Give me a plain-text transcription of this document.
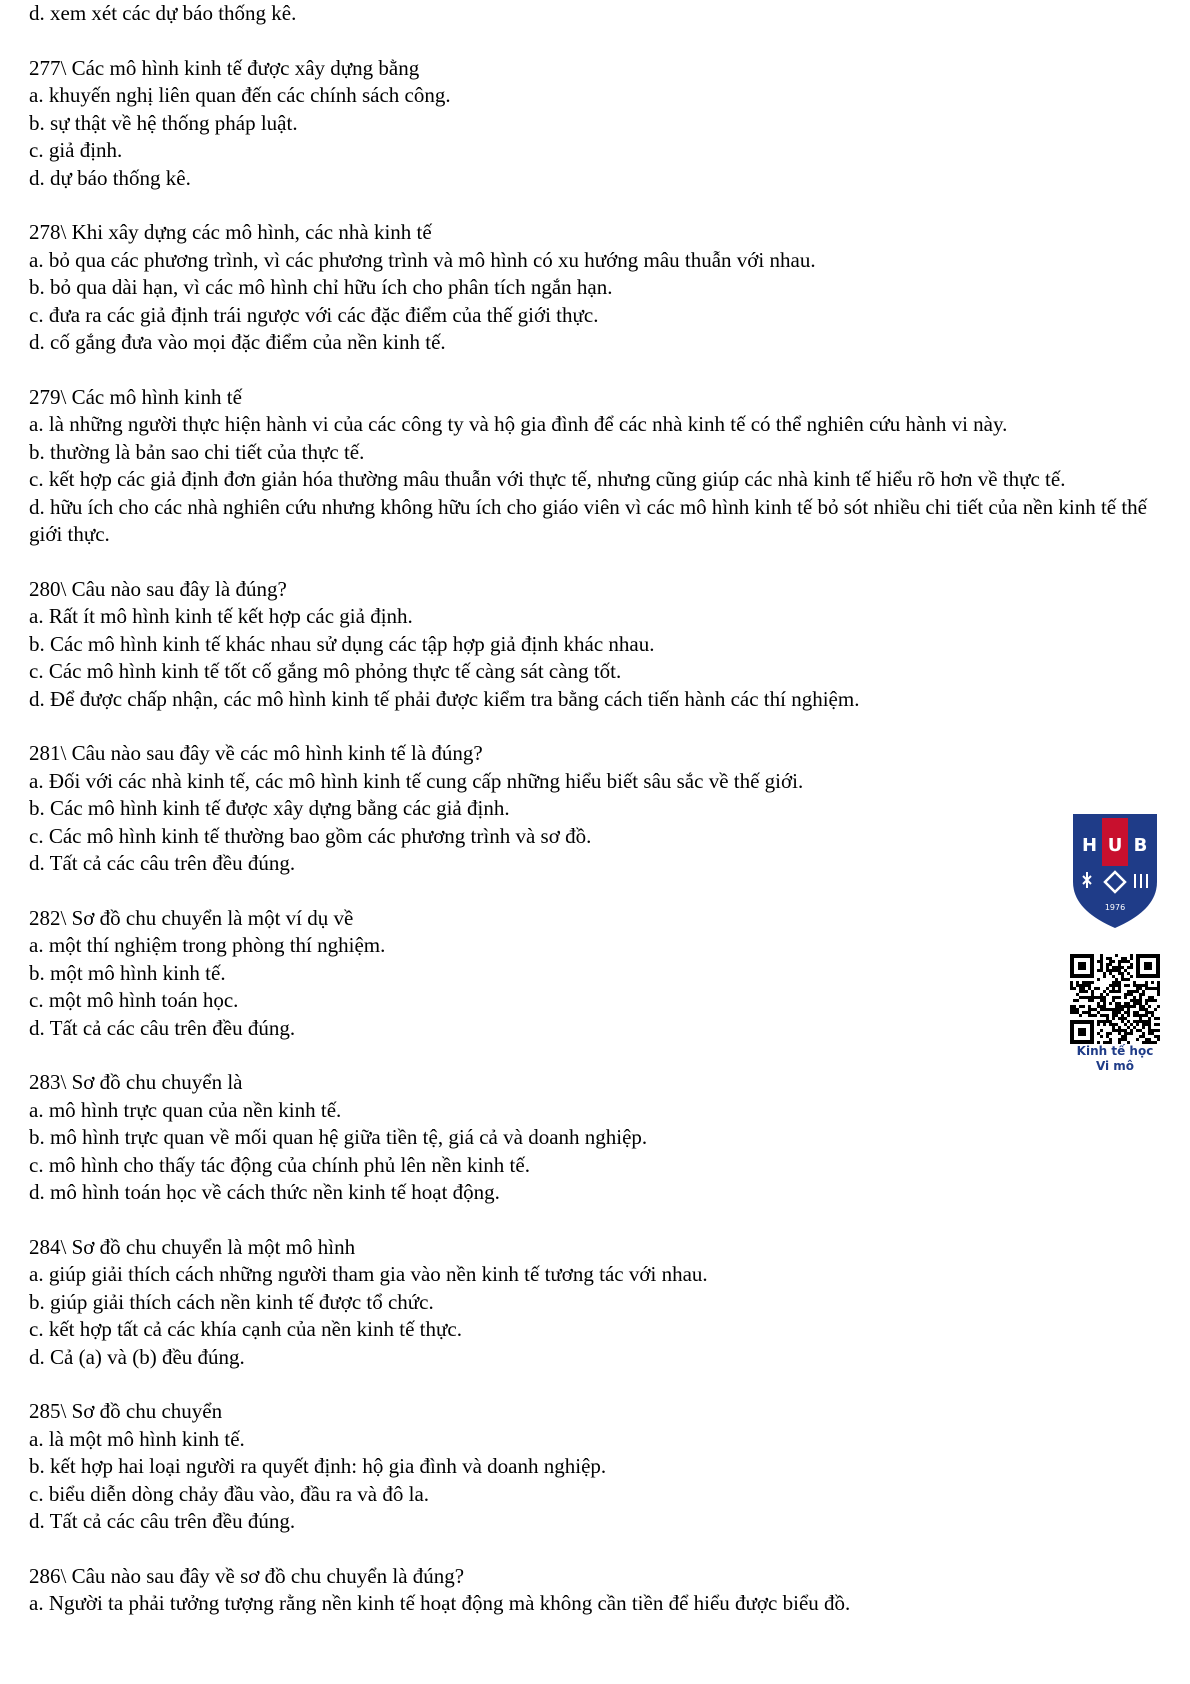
d. xem xét các dự báo thống kê.

277\ Các mô hình kinh tế được xây dựng bằng

a. khuyến nghị liên quan đến các chính sách công.

b. sự thật về hệ thống pháp luật.

c. giả định.

d. dự báo thống kê.

278\ Khi xây dựng các mô hình, các nhà kinh tế

a. bỏ qua các phương trình, vì các phương trình và mô hình có xu hướng mâu thuẫn với nhau.

b. bỏ qua dài hạn, vì các mô hình chỉ hữu ích cho phân tích ngắn hạn.

c. đưa ra các giả định trái ngược với các đặc điểm của thế giới thực.

d. cố gắng đưa vào mọi đặc điểm của nền kinh tế.

279\ Các mô hình kinh tế

a. là những người thực hiện hành vi của các công ty và hộ gia đình để các nhà kinh tế có thể nghiên cứu hành vi này.

b. thường là bản sao chi tiết của thực tế.

c. kết hợp các giả định đơn giản hóa thường mâu thuẫn với thực tế, nhưng cũng giúp các nhà kinh tế hiểu rõ hơn về thực tế.

d. hữu ích cho các nhà nghiên cứu nhưng không hữu ích cho giáo viên vì các mô hình kinh tế bỏ sót nhiều chi tiết của nền kinh tế thế giới thực.

280\ Câu nào sau đây là đúng?

a. Rất ít mô hình kinh tế kết hợp các giả định.

b. Các mô hình kinh tế khác nhau sử dụng các tập hợp giả định khác nhau.

c. Các mô hình kinh tế tốt cố gắng mô phỏng thực tế càng sát càng tốt.

d. Để được chấp nhận, các mô hình kinh tế phải được kiểm tra bằng cách tiến hành các thí nghiệm.

281\ Câu nào sau đây về các mô hình kinh tế là đúng?

a. Đối với các nhà kinh tế, các mô hình kinh tế cung cấp những hiểu biết sâu sắc về thế giới.

b. Các mô hình kinh tế được xây dựng bằng các giả định.

c. Các mô hình kinh tế thường bao gồm các phương trình và sơ đồ.

d. Tất cả các câu trên đều đúng.

282\ Sơ đồ chu chuyển là một ví dụ về

a. một thí nghiệm trong phòng thí nghiệm.

b. một mô hình kinh tế.

c. một mô hình toán học.

d. Tất cả các câu trên đều đúng.

283\ Sơ đồ chu chuyển là

a. mô hình trực quan của nền kinh tế.

b. mô hình trực quan về mối quan hệ giữa tiền tệ, giá cả và doanh nghiệp.

c. mô hình cho thấy tác động của chính phủ lên nền kinh tế.

d. mô hình toán học về cách thức nền kinh tế hoạt động.

284\ Sơ đồ chu chuyển là một mô hình

a. giúp giải thích cách những người tham gia vào nền kinh tế tương tác với nhau.

b. giúp giải thích cách nền kinh tế được tổ chức.

c. kết hợp tất cả các khía cạnh của nền kinh tế thực.

d. Cả (a) và (b) đều đúng.

285\ Sơ đồ chu chuyển

a. là một mô hình kinh tế.

b. kết hợp hai loại người ra quyết định: hộ gia đình và doanh nghiệp.

c. biểu diễn dòng chảy đầu vào, đầu ra và đô la.

d. Tất cả các câu trên đều đúng.

286\ Câu nào sau đây về sơ đồ chu chuyển là đúng?

a. Người ta phải tưởng tượng rằng nền kinh tế hoạt động mà không cần tiền để hiểu được biểu đồ.

H U B
1976
Kinh tế học
Vi mô
